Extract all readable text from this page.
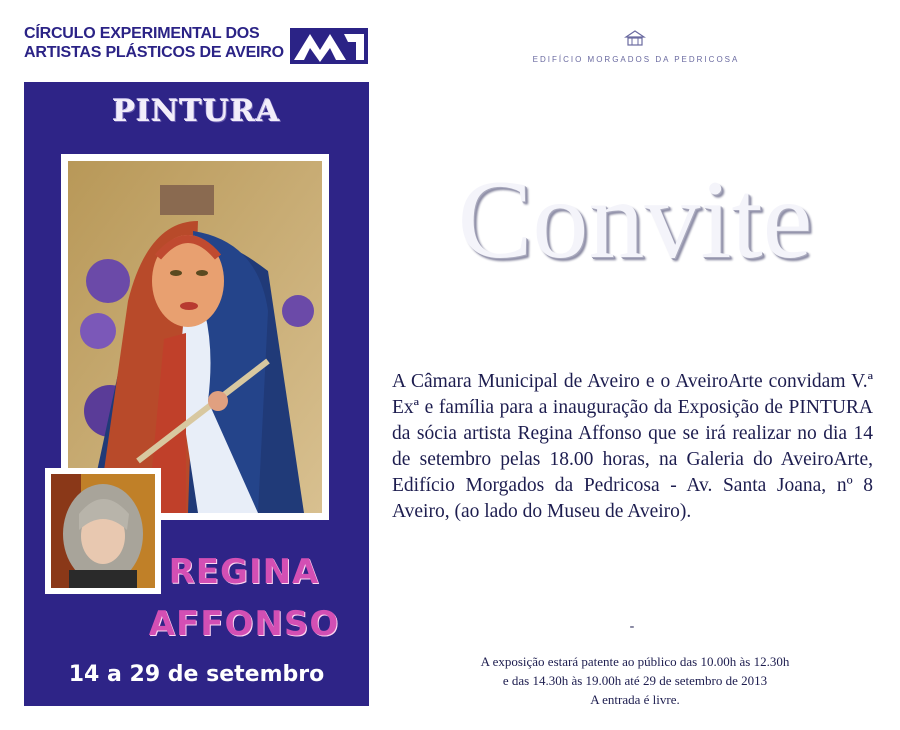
CÍRCULO EXPERIMENTAL DOS
ARTISTAS PLÁSTICOS DE AVEIRO	EDIFÍCIO MORGADOS DA PEDRICOSA
PINTURA
REGINA
AFFONSO
14 a 29 de setembro
Convite

A Câmara Municipal de Aveiro e o AveiroArte convidam V.ª Exª e família para a inauguração da Exposição de PINTURA da sócia artista Regina Affonso que se irá realizar no dia 14 de setembro pelas 18.00 horas, na Galeria do AveiroArte, Edifício Morgados da Pedricosa - Av. Santa Joana, nº 8 Aveiro, (ao lado do Museu de Aveiro).

-
A exposição estará patente ao público das 10.00h às 12.30h
e das 14.30h às 19.00h até 29 de setembro de 2013
A entrada é livre.
